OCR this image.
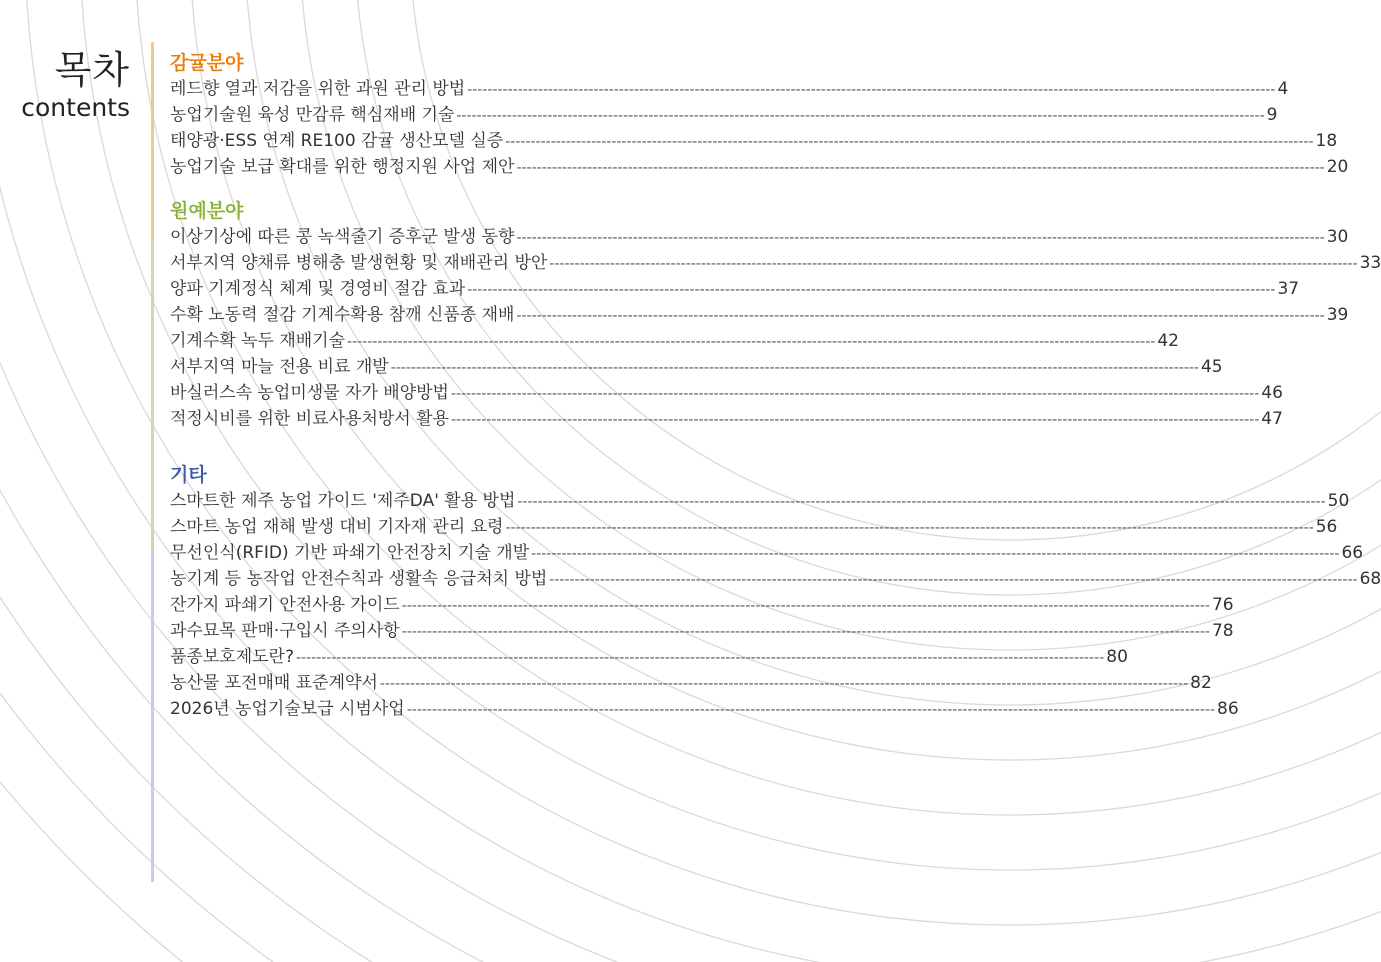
목차
contents
감귤분야
레드향 열과 저감을 위한 과원 관리 방법 ---------------------------------------------------------------------------------------------------------------------------------------------------------------- 4
농업기술원 육성 만감류 핵심재배 기술 ---------------------------------------------------------------------------------------------------------------------------------------------------------------- 9
태양광·ESS 연계 RE100 감귤 생산모델 실증 ---------------------------------------------------------------------------------------------------------------------------------------------------------------- 18
농업기술 보급 확대를 위한 행정지원 사업 제안 ---------------------------------------------------------------------------------------------------------------------------------------------------------------- 20
원예분야
이상기상에 따른 콩 녹색줄기 증후군 발생 동향 ---------------------------------------------------------------------------------------------------------------------------------------------------------------- 30
서부지역 양채류 병해충 발생현황 및 재배관리 방안 ---------------------------------------------------------------------------------------------------------------------------------------------------------------- 33
양파 기계정식 체계 및 경영비 절감 효과 ---------------------------------------------------------------------------------------------------------------------------------------------------------------- 37
수확 노동력 절감 기계수확용 참깨 신품종 재배 ---------------------------------------------------------------------------------------------------------------------------------------------------------------- 39
기계수확 녹두 재배기술 ---------------------------------------------------------------------------------------------------------------------------------------------------------------- 42
서부지역 마늘 전용 비료 개발 ---------------------------------------------------------------------------------------------------------------------------------------------------------------- 45
바실러스속 농업미생물 자가 배양방법 ---------------------------------------------------------------------------------------------------------------------------------------------------------------- 46
적정시비를 위한 비료사용처방서 활용 ---------------------------------------------------------------------------------------------------------------------------------------------------------------- 47
기타
스마트한 제주 농업 가이드 '제주DA' 활용 방법 ---------------------------------------------------------------------------------------------------------------------------------------------------------------- 50
스마트 농업 재해 발생 대비 기자재 관리 요령 ---------------------------------------------------------------------------------------------------------------------------------------------------------------- 56
무선인식(RFID) 기반 파쇄기 안전장치 기술 개발 ---------------------------------------------------------------------------------------------------------------------------------------------------------------- 66
농기계 등 농작업 안전수칙과 생활속 응급처치 방법 ---------------------------------------------------------------------------------------------------------------------------------------------------------------- 68
잔가지 파쇄기 안전사용 가이드 ---------------------------------------------------------------------------------------------------------------------------------------------------------------- 76
과수묘목 판매·구입시 주의사항 ---------------------------------------------------------------------------------------------------------------------------------------------------------------- 78
품종보호제도란? ---------------------------------------------------------------------------------------------------------------------------------------------------------------- 80
농산물 포전매매 표준계약서 ---------------------------------------------------------------------------------------------------------------------------------------------------------------- 82
2026년 농업기술보급 시범사업 ---------------------------------------------------------------------------------------------------------------------------------------------------------------- 86
